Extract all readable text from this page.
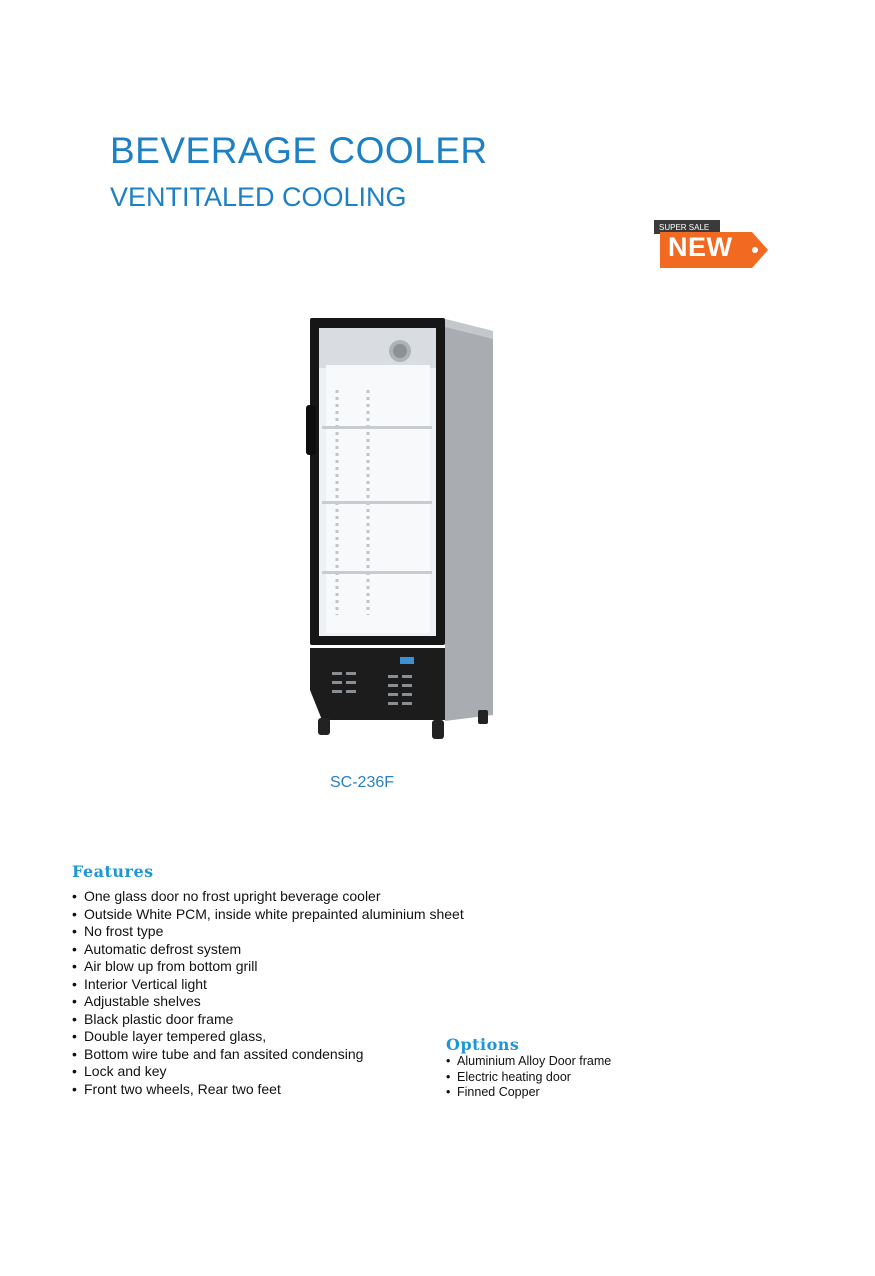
BEVERAGE COOLER
VENTITALED COOLING
SUPER SALE
NEW
SC-236F
Features
• One glass door no frost upright beverage cooler
• Outside White PCM, inside white prepainted aluminium sheet
• No frost type
• Automatic defrost system
• Air blow up from bottom grill
• Interior Vertical light
• Adjustable shelves
• Black plastic door frame
• Double layer tempered glass,
• Bottom wire tube and fan assited condensing
• Lock and key
• Front two wheels, Rear two feet
Options
• Aluminium Alloy Door frame
• Electric heating door
• Finned Copper
